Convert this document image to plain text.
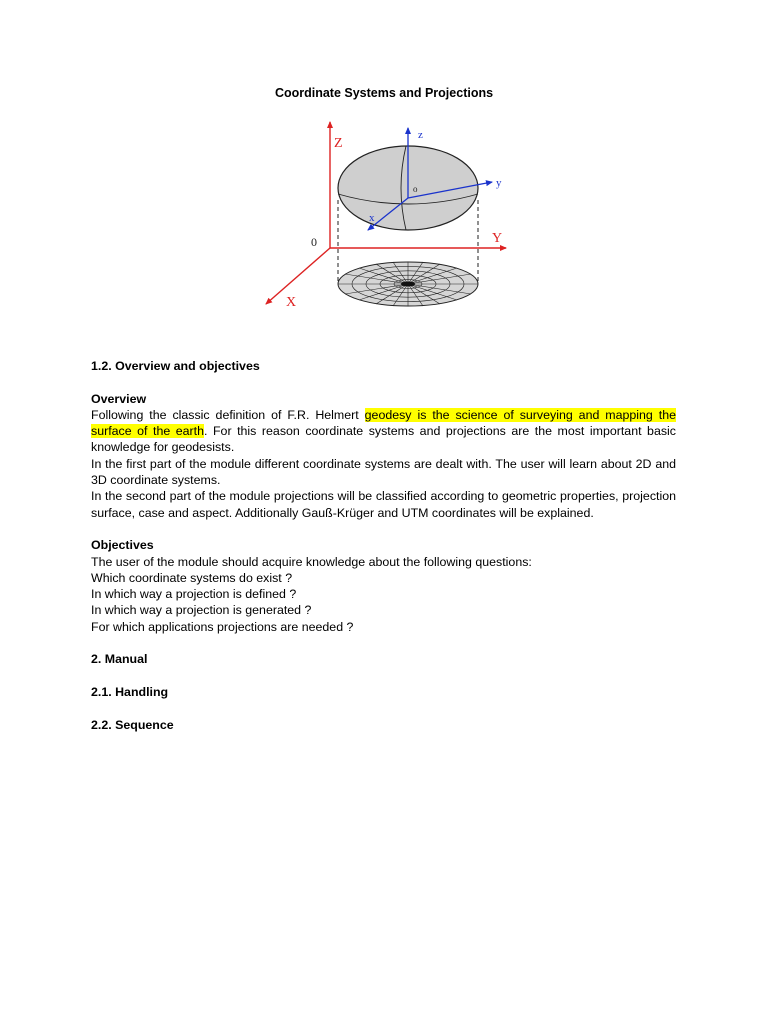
Coordinate Systems and Projections
Z
Y
X
0
z
y
x
o

1.2. Overview and objectives

Overview

Following the classic definition of F.R. Helmert geodesy is the science of surveying and mapping the surface of the earth. For this reason coordinate systems and projections are the most important basic knowledge for geodesists.

In the first part of the module different coordinate systems are dealt with. The user will learn about 2D and 3D coordinate systems.

In the second part of the module projections will be classified according to geometric properties, projection surface, case and aspect. Additionally Gauß-Krüger and UTM coordinates will be explained.

Objectives

The user of the module should acquire knowledge about the following questions:

Which coordinate systems do exist ?

In which way a projection is defined ?

In which way a projection is generated ?

For which applications projections are needed ?

2. Manual

2.1. Handling

2.2. Sequence
